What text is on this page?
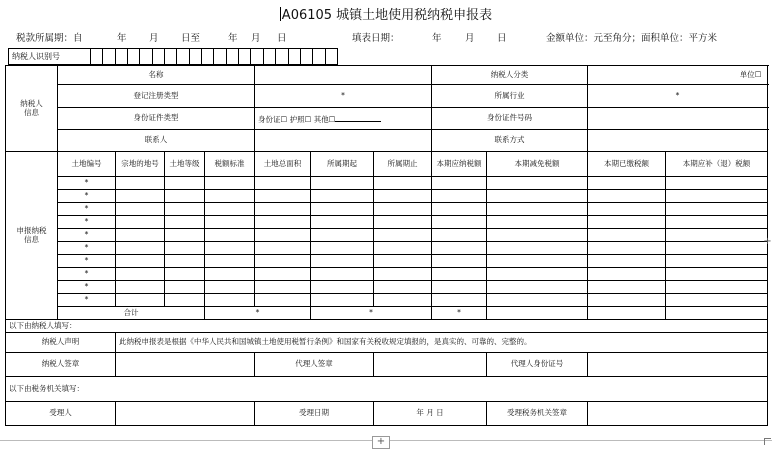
A06105 城镇土地使用税纳税申报表
税款所属期：自	年 月 日至	年 月 日	填表日期：	年 月 日	金额单位：元至角分；面积单位：平方米
纳税人识别号
纳税人
信息	名称							纳税人分类		单位☐	
	登记注册类型				*			所属行业		*		
	身份证件类型				身份证☐ 护照☐ 其他☐			身份证件号码				
	联系人							联系方式				
申报纳税
信息	土地编号	宗地的地号	土地等级	税额标准	土地总面积	所属期起	所属期止	本期应纳税额	本期减免税额	本期已缴税额	本期应补（退）税额	
	*											
	*											
	*											
	*											
	*											
	*											
	*											
	*											
	*											
	*											
	合计			*		*		*				
以下由纳税人填写：												
纳税人声明		此纳税申报表是根据《中华人民共和国城镇土地使用税暂行条例》和国家有关税收规定填报的，是真实的、可靠的、完整的。										
纳税人签章					代理人签章				代理人身份证号			
以下由税务机关填写：												
受理人					受理日期		年 月 日		受理税务机关签章			
+
+
